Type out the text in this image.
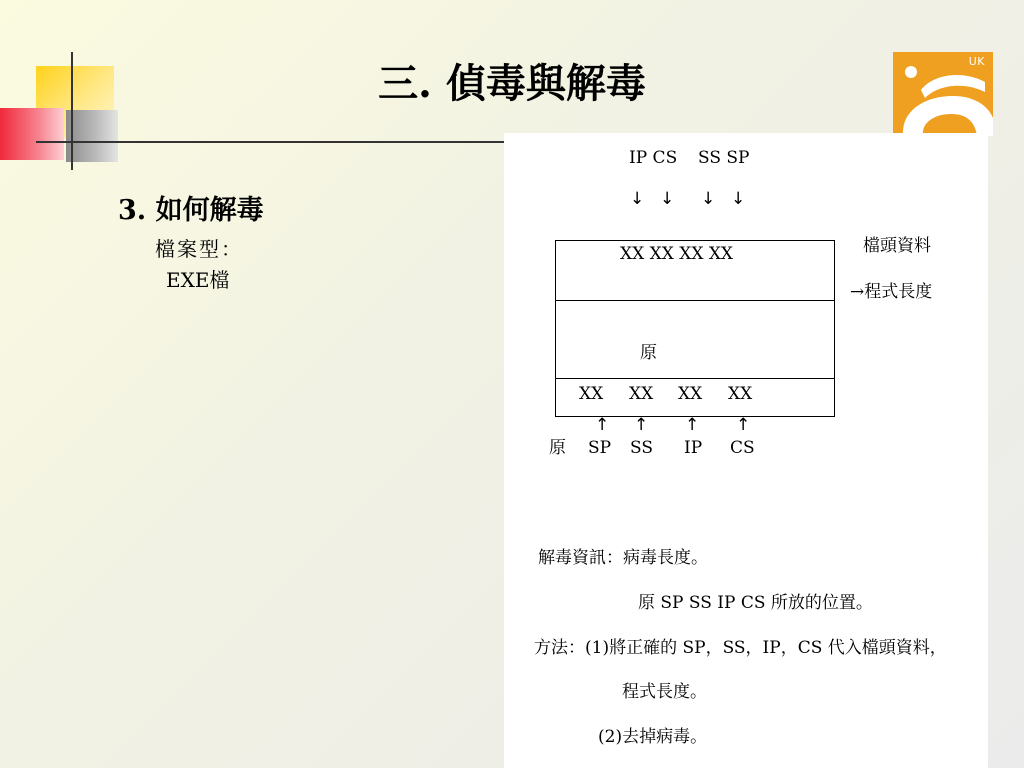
UK
三. 偵毒與解毒
3. 如何解毒
檔案型：
EXE檔
IP CS SS SP
↓ ↓ ↓ ↓
XX XX XX XX
原
XX XX XX XX
檔頭資料
→程式長度
↑ ↑ ↑ ↑
原 SP SS IP CS
解毒資訊：病毒長度。
原 SP SS IP CS 所放的位置。
方法：(1)將正確的 SP，SS，IP，CS 代入檔頭資料，
程式長度。
(2)去掉病毒。
